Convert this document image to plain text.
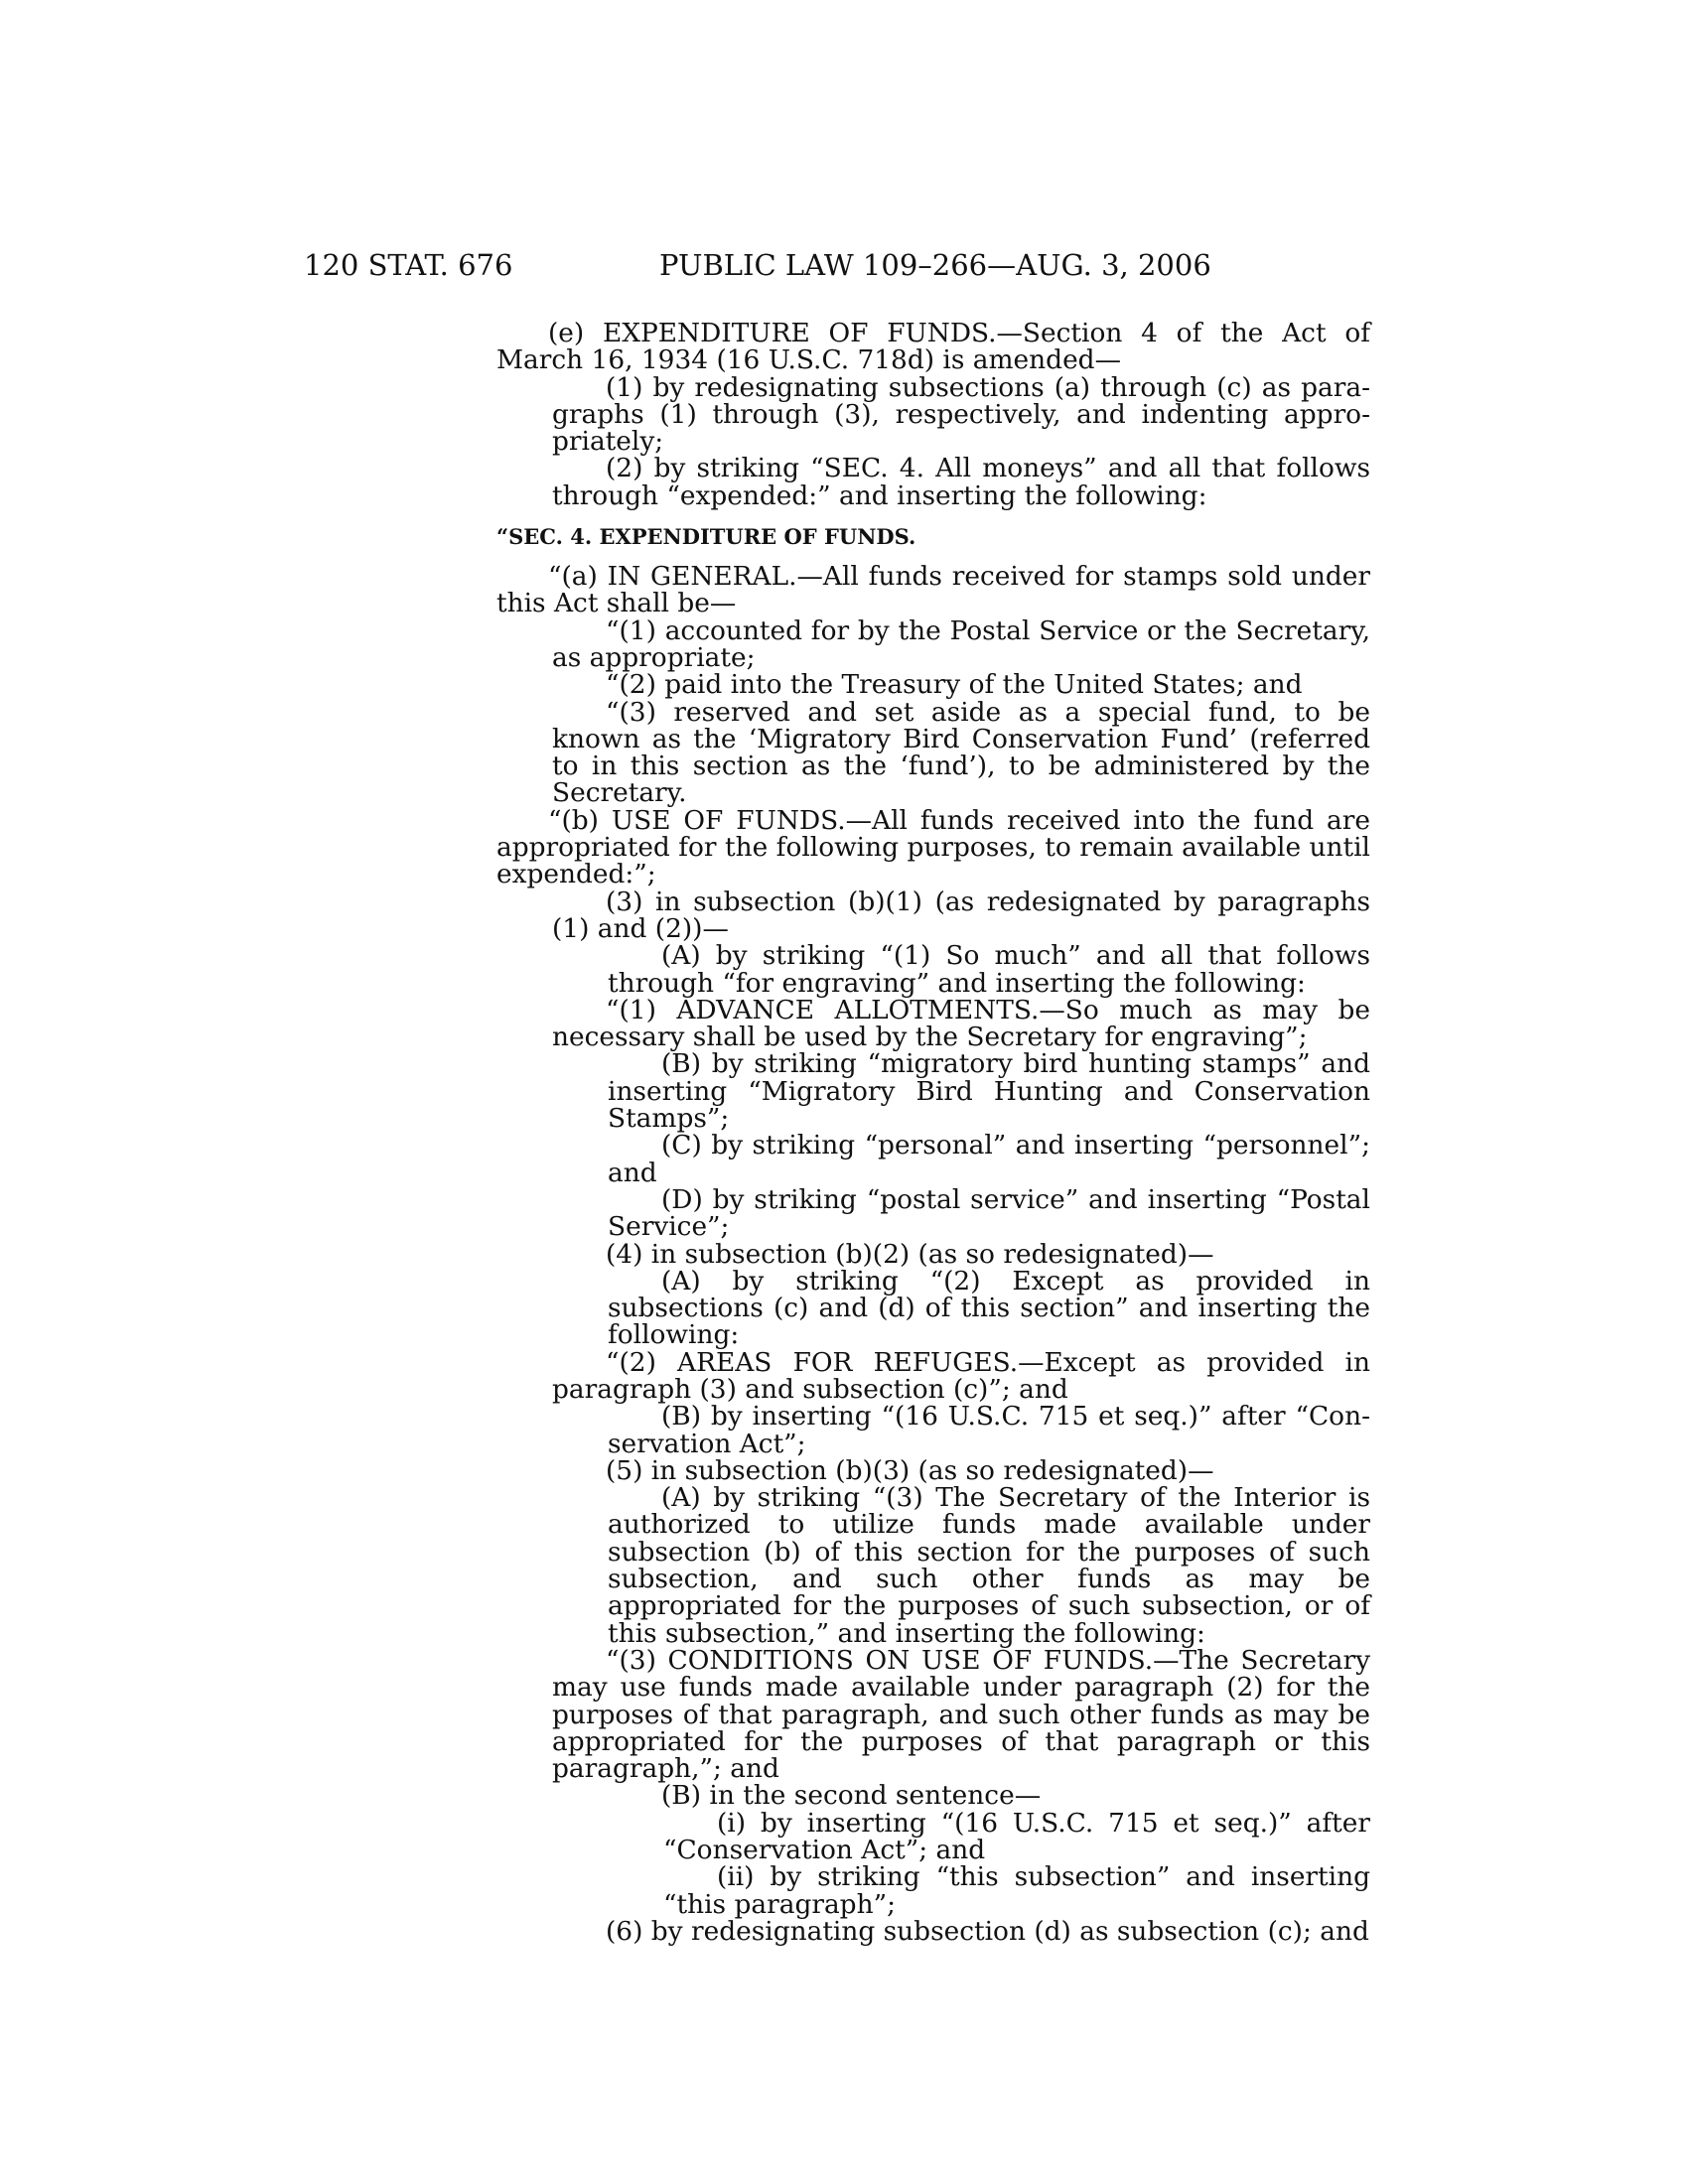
120 STAT. 676	PUBLIC LAW 109–266—AUG. 3, 2006

(e) EXPENDITURE OF FUNDS.—Section 4 of the Act of March 16, 1934 (16 U.S.C. 718d) is amended—

(1) by redesignating subsections (a) through (c) as paragraphs (1) through (3), respectively, and indenting appropriately;

(2) by striking “SEC. 4. All moneys” and all that follows through “expended:” and inserting the following:

“SEC. 4. EXPENDITURE OF FUNDS.

“(a) IN GENERAL.—All funds received for stamps sold under this Act shall be—

“(1) accounted for by the Postal Service or the Secretary, as appropriate;

“(2) paid into the Treasury of the United States; and

“(3) reserved and set aside as a special fund, to be known as the ‘Migratory Bird Conservation Fund’ (referred to in this section as the ‘fund’), to be administered by the Secretary.

“(b) USE OF FUNDS.—All funds received into the fund are appropriated for the following purposes, to remain available until expended:”;

(3) in subsection (b)(1) (as redesignated by paragraphs (1) and (2))—

(A) by striking “(1) So much” and all that follows through “for engraving” and inserting the following:

“(1) ADVANCE ALLOTMENTS.—So much as may be necessary shall be used by the Secretary for engraving”;

(B) by striking “migratory bird hunting stamps” and inserting “Migratory Bird Hunting and Conservation Stamps”;

(C) by striking “personal” and inserting “personnel”; and

(D) by striking “postal service” and inserting “Postal Service”;

(4) in subsection (b)(2) (as so redesignated)—

(A) by striking “(2) Except as provided in subsections (c) and (d) of this section” and inserting the following:

“(2) AREAS FOR REFUGES.—Except as provided in paragraph (3) and subsection (c)”; and

(B) by inserting “(16 U.S.C. 715 et seq.)” after “Conservation Act”;

(5) in subsection (b)(3) (as so redesignated)—

(A) by striking “(3) The Secretary of the Interior is authorized to utilize funds made available under subsection (b) of this section for the purposes of such subsection, and such other funds as may be appropriated for the purposes of such subsection, or of this subsection,” and inserting the following:

“(3) CONDITIONS ON USE OF FUNDS.—The Secretary may use funds made available under paragraph (2) for the purposes of that paragraph, and such other funds as may be appropriated for the purposes of that paragraph or this paragraph,”; and

(B) in the second sentence—

(i) by inserting “(16 U.S.C. 715 et seq.)” after “Conservation Act”; and

(ii) by striking “this subsection” and inserting “this paragraph”;

(6) by redesignating subsection (d) as subsection (c); and
